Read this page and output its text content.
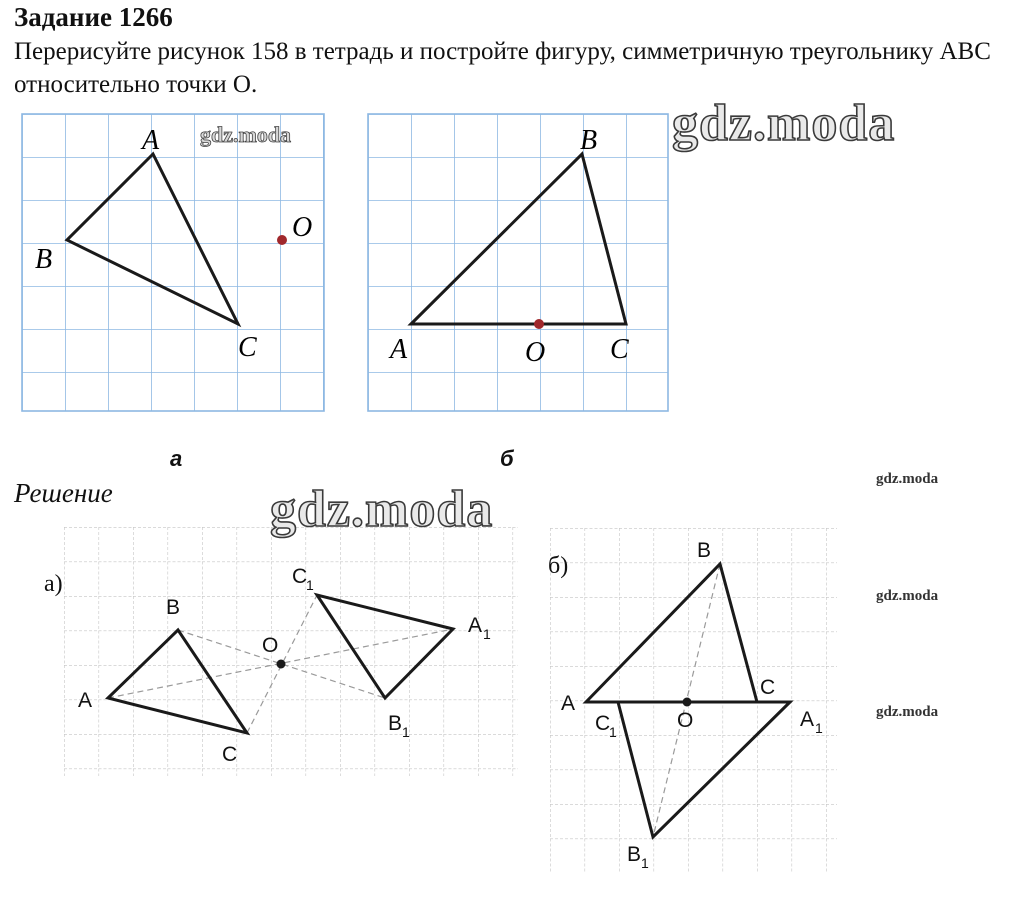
Задание 1266
Перерисуйте рисунок 158 в тетрадь и постройте фигуру, симметричную треугольнику ABC относительно точки O.
A
B
C
O
B
A	O C
а)
A
B
C
O
C
1
A 1
B 1
б)
B
A
C
O
C
1
A 1
B 1
а	б
Решение
gdz.moda
gdz.moda
gdz.moda
gdz.moda
gdz.moda
gdz.moda
